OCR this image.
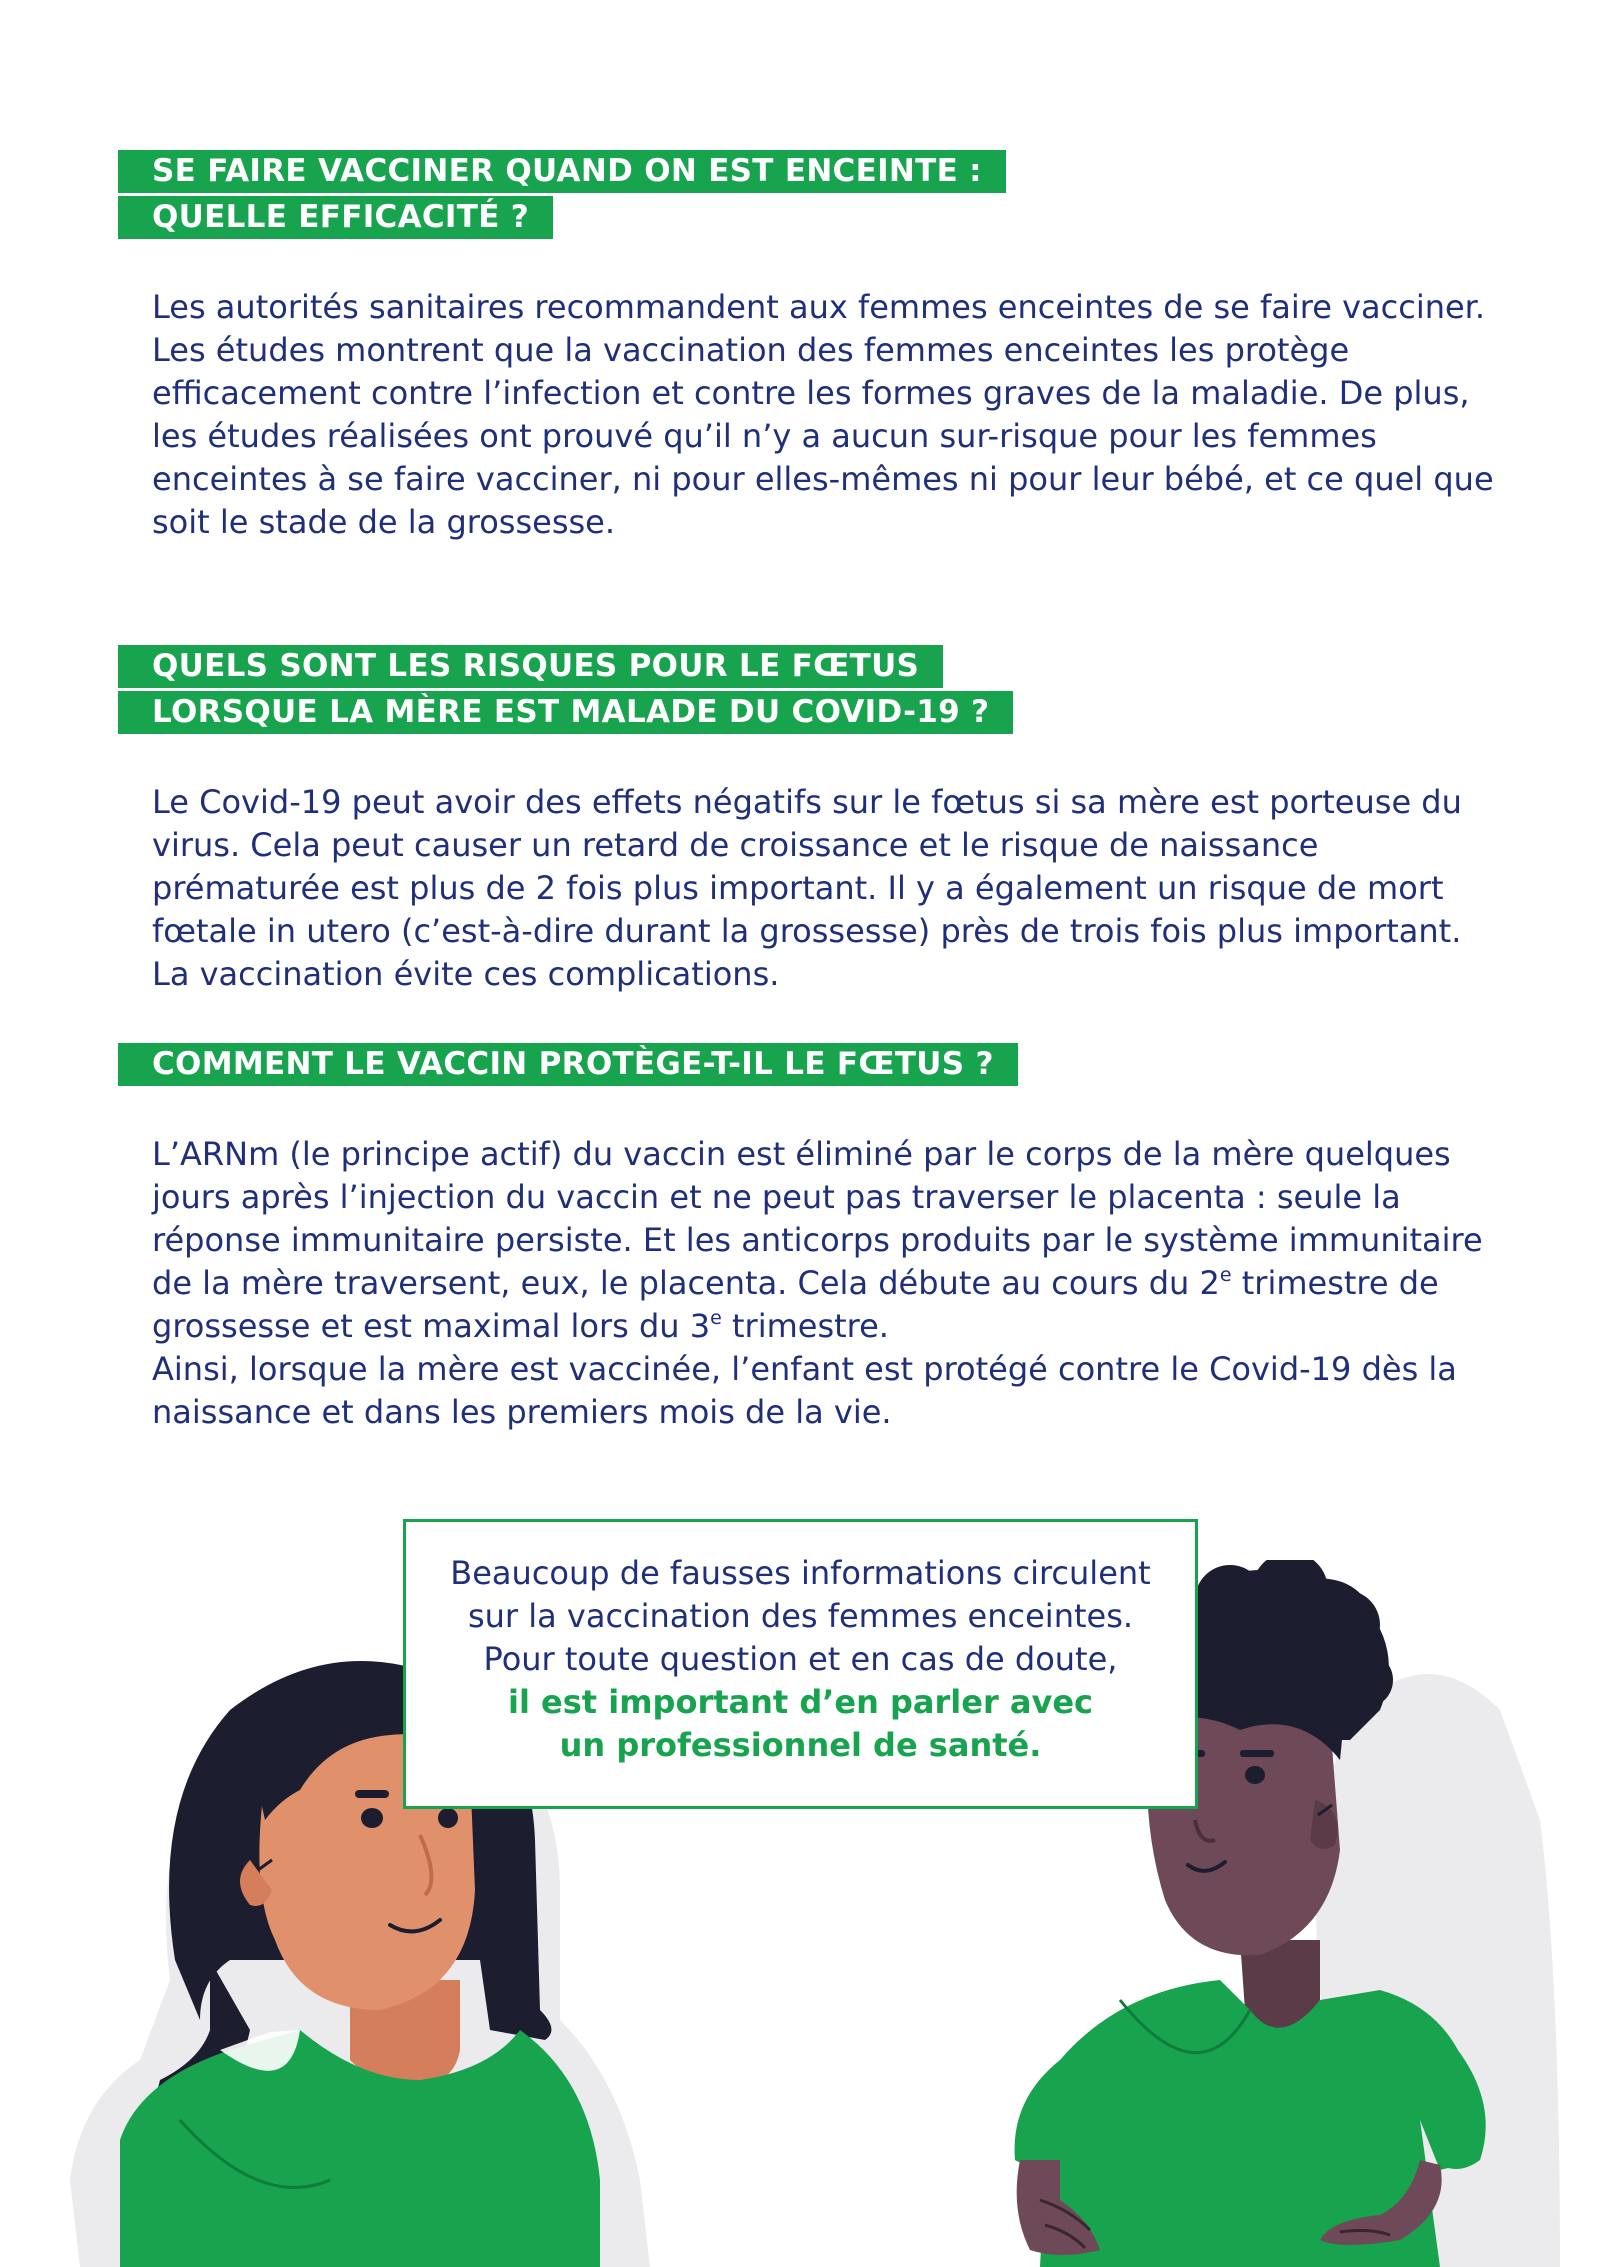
SE FAIRE VACCINER QUAND ON EST ENCEINTE :
QUELLE EFFICACITÉ ?

Les autorités sanitaires recommandent aux femmes enceintes de se faire vacciner.

Les études montrent que la vaccination des femmes enceintes les protège efficacement contre l’infection et contre les formes graves de la maladie. De plus, les études réalisées ont prouvé qu’il n’y a aucun sur-risque pour les femmes enceintes à se faire vacciner, ni pour elles-mêmes ni pour leur bébé, et ce quel que soit le stade de la grossesse.

QUELS SONT LES RISQUES POUR LE FŒTUS
LORSQUE LA MÈRE EST MALADE DU COVID-19 ?

Le Covid-19 peut avoir des effets négatifs sur le fœtus si sa mère est porteuse du virus. Cela peut causer un retard de croissance et le risque de naissance prématurée est plus de 2 fois plus important. Il y a également un risque de mort fœtale in utero (c’est-à-dire durant la grossesse) près de trois fois plus important. La vaccination évite ces complications.

COMMENT LE VACCIN PROTÈGE-T-IL LE FŒTUS ?

L’ARNm (le principe actif) du vaccin est éliminé par le corps de la mère quelques jours après l’injection du vaccin et ne peut pas traverser le placenta : seule la réponse immunitaire persiste. Et les anticorps produits par le système immunitaire de la mère traversent, eux, le placenta. Cela débute au cours du 2e trimestre de grossesse et est maximal lors du 3e trimestre.

Ainsi, lorsque la mère est vaccinée, l’enfant est protégé contre le Covid-19 dès la naissance et dans les premiers mois de la vie.

Beaucoup de fausses informations circulent
sur la vaccination des femmes enceintes.
Pour toute question et en cas de doute,
il est important d’en parler avec
un professionnel de santé.
